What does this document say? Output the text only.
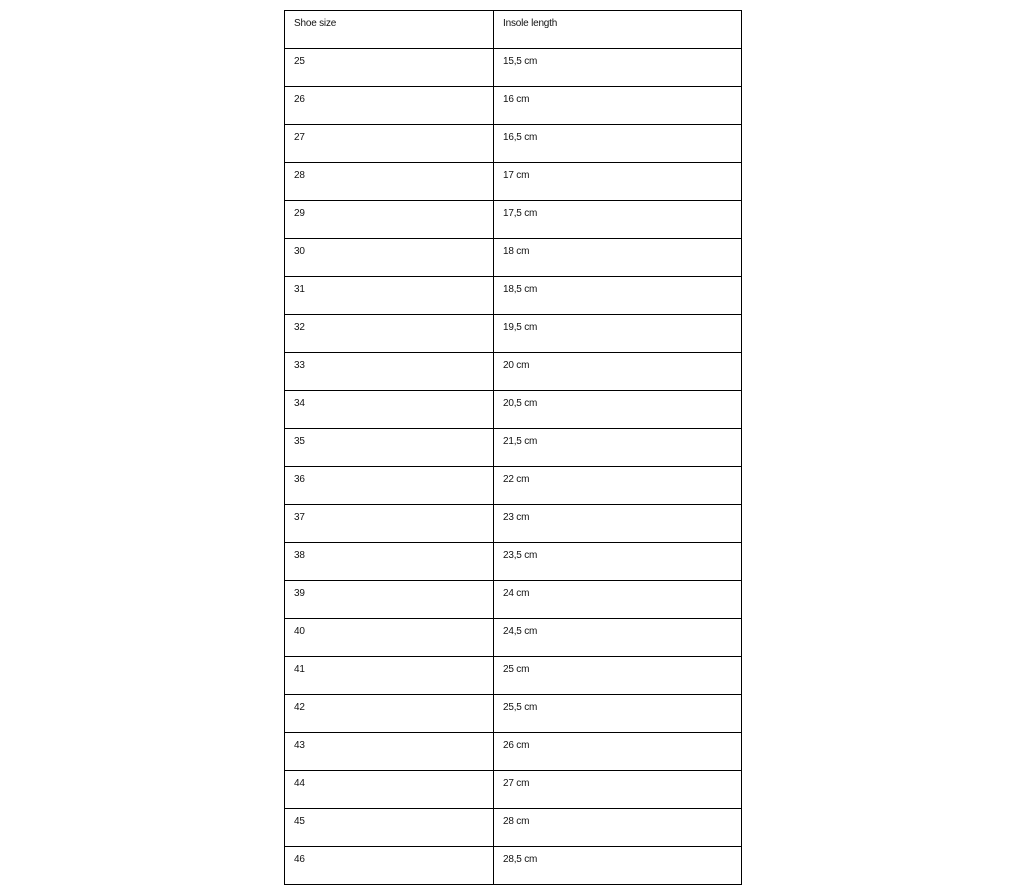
Shoe size	Insole length
25	15,5 cm
26	16 cm
27	16,5 cm
28	17 cm
29	17,5 cm
30	18 cm
31	18,5 cm
32	19,5 cm
33	20 cm
34	20,5 cm
35	21,5 cm
36	22 cm
37	23 cm
38	23,5 cm
39	24 cm
40	24,5 cm
41	25 cm
42	25,5 cm
43	26 cm
44	27 cm
45	28 cm
46	28,5 cm
